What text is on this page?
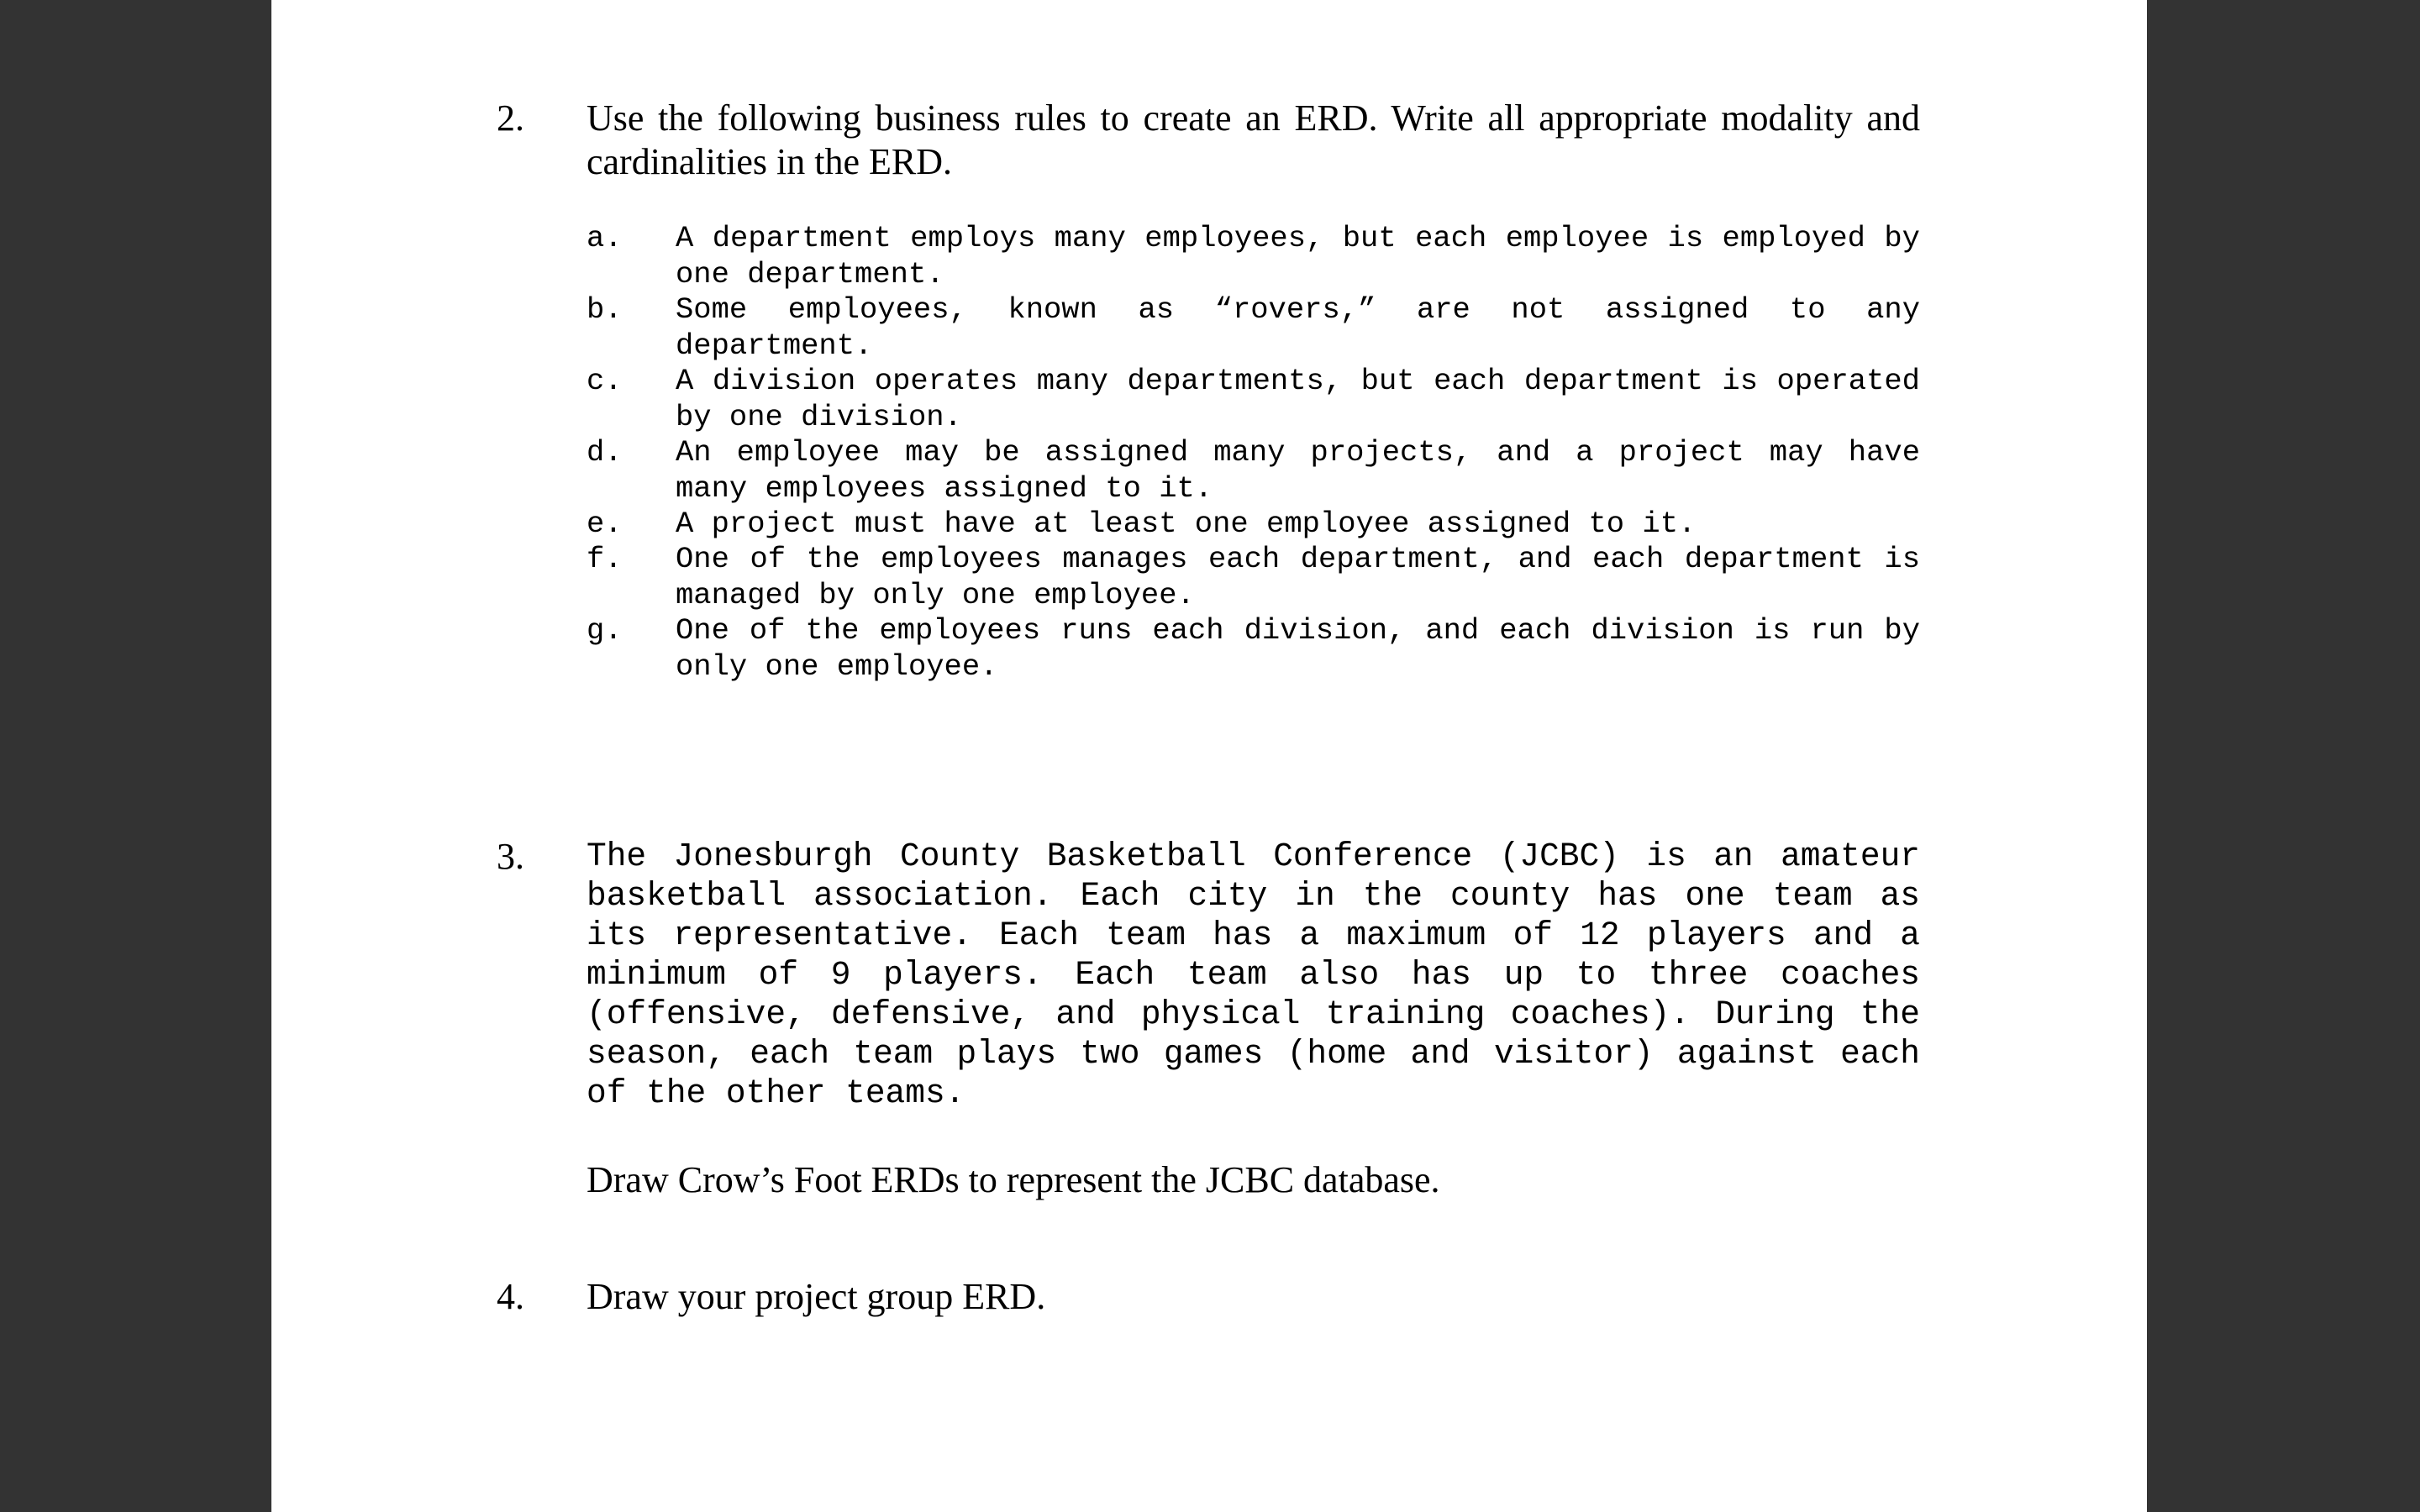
2. Use the following business rules to create an ERD. Write all appropriate modality and cardinalities in the ERD.

a. A department employs many employees, but each employee is employed by one department.

b. Some employees, known as “rovers,” are not assigned to any department.

c. A division operates many departments, but each department is operated by one division.

d. An employee may be assigned many projects, and a project may have many employees assigned to it.

e. A project must have at least one employee assigned to it.

f. One of the employees manages each department, and each department is managed by only one employee.

g. One of the employees runs each division, and each division is run by only one employee.

3. The Jonesburgh County Basketball Conference (JCBC) is an amateur basketball association. Each city in the county has one team as its representative. Each team has a maximum of 12 players and a minimum of 9 players. Each team also has up to three coaches (offensive, defensive, and physical training coaches). During the season, each team plays two games (home and visitor) against each of the other teams.

Draw Crow’s Foot ERDs to represent the JCBC database.

4. Draw your project group ERD.
